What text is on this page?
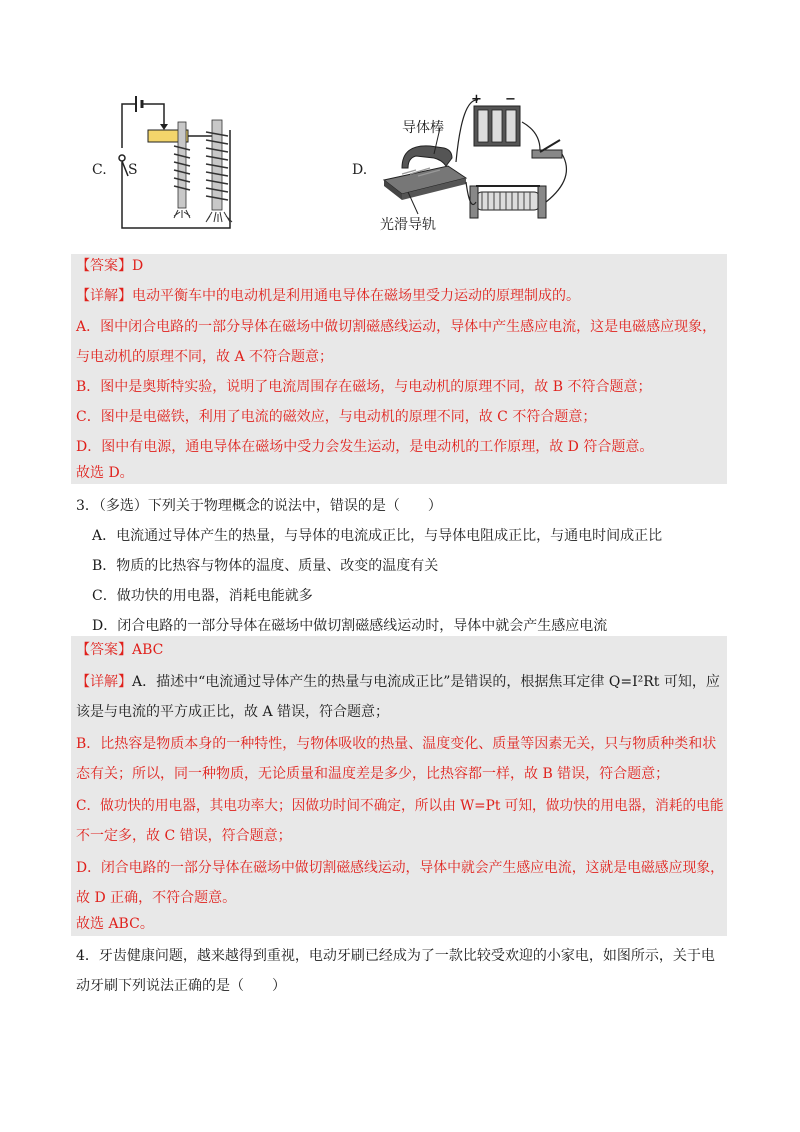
C. S	D.
+ −
导体棒
光滑导轨
【答案】D
【详解】电动平衡车中的电动机是利用通电导体在磁场里受力运动的原理制成的。
A．图中闭合电路的一部分导体在磁场中做切割磁感线运动，导体中产生感应电流，这是电磁感应现象，
与电动机的原理不同，故 A 不符合题意；
B．图中是奥斯特实验，说明了电流周围存在磁场，与电动机的原理不同，故 B 不符合题意；
C．图中是电磁铁，利用了电流的磁效应，与电动机的原理不同，故 C 不符合题意；
D．图中有电源，通电导体在磁场中受力会发生运动，是电动机的工作原理，故 D 符合题意。
故选 D。
3．（多选）下列关于物理概念的说法中，错误的是（　　）
A．电流通过导体产生的热量，与导体的电流成正比，与导体电阻成正比，与通电时间成正比
B．物质的比热容与物体的温度、质量、改变的温度有关
C．做功快的用电器，消耗电能就多
D．闭合电路的一部分导体在磁场中做切割磁感线运动时，导体中就会产生感应电流
【答案】ABC
【详解】A．描述中“电流通过导体产生的热量与电流成正比”是错误的，根据焦耳定律 Q=I²Rt 可知，应
该是与电流的平方成正比，故 A 错误，符合题意；
B．比热容是物质本身的一种特性，与物体吸收的热量、温度变化、质量等因素无关，只与物质种类和状
态有关；所以，同一种物质，无论质量和温度差是多少，比热容都一样，故 B 错误，符合题意；
C．做功快的用电器，其电功率大；因做功时间不确定，所以由 W=Pt 可知，做功快的用电器，消耗的电能
不一定多，故 C 错误，符合题意；
D．闭合电路的一部分导体在磁场中做切割磁感线运动，导体中就会产生感应电流，这就是电磁感应现象，
故 D 正确，不符合题意。
故选 ABC。
4．牙齿健康问题，越来越得到重视，电动牙刷已经成为了一款比较受欢迎的小家电，如图所示，关于电
动牙刷下列说法正确的是（　　）
